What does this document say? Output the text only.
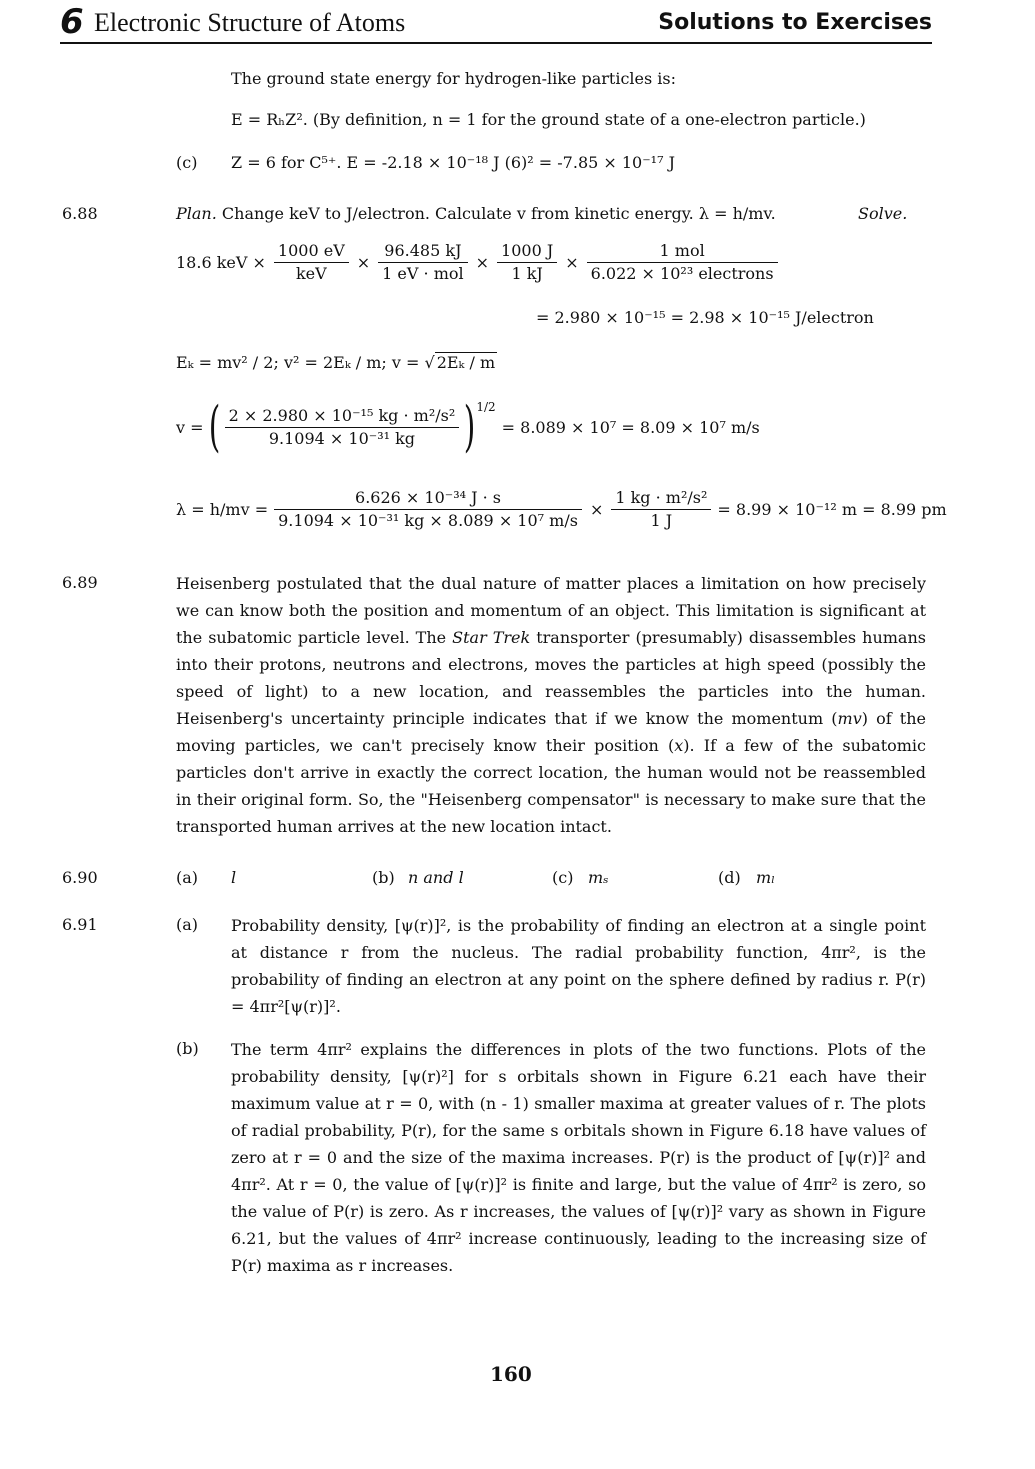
6 Electronic Structure of Atoms	Solutions to Exercises
The ground state energy for hydrogen-like particles is:
E = RₕZ². (By definition, n = 1 for the ground state of a one-electron particle.)
(c) Z = 6 for C⁵⁺. E = -2.18 × 10⁻¹⁸ J (6)² = -7.85 × 10⁻¹⁷ J
6.88	Plan. Change keV to J/electron. Calculate v from kinetic energy. λ = h/mv.	Solve.
18.6 keV × $\frac{1000 eV}{\text{keV}} \times \frac{96.485 kJ}{\text{1 eV · mol}} \times \frac{1000 J}{1 kJ} \times \frac{\text{1 mol}}{\text{6.022 × 10²³ electrons}}$
= 2.980 × 10⁻¹⁵ = 2.98 × 10⁻¹⁵ J/electron
Eₖ = mv² / 2; v² = 2Eₖ / m; v = √ 2Eₖ / m
v = ( $\frac{\text{2 × 2.980 × 10⁻¹⁵ kg · m²/s²}}{\text{9.1094 × 10⁻³¹ kg}}$ ) 1/2
= 8.089 × 10⁷ = 8.09 × 10⁷ m/s
$\lambda = h/mv = \frac{\text{6.626 × 10⁻³⁴ J · s}}{\text{9.1094 × 10⁻³¹ kg × 8.089 × 10⁷ m/s}} \times \frac{\text{1 kg · m²/s²}}{1 J} = 8.99 \times 10^{-12}$ m = 8.99 pm
6.89	Heisenberg postulated that the dual nature of matter places a limitation on how precisely we can know both the position and momentum of an object. This limitation is significant at the subatomic particle level. The Star Trek transporter (presumably) disassembles humans into their protons, neutrons and electrons, moves the particles at high speed (possibly the speed of light) to a new location, and reassembles the particles into the human. Heisenberg's uncertainty principle indicates that if we know the momentum (mv) of the moving particles, we can't precisely know their position (x). If a few of the subatomic particles don't arrive in exactly the correct location, the human would not be reassembled in their original form. So, the "Heisenberg compensator" is necessary to make sure that the transported human arrives at the new location intact.
6.90	(a) l	(b) n and l	(c) mₛ	(d) mₗ
6.91	(a) Probability density, [ψ(r)]², is the probability of finding an electron at a single point at distance r from the nucleus. The radial probability function, 4πr², is the probability of finding an electron at any point on the sphere defined by radius r. P(r) = 4πr²[ψ(r)]².
(b) The term 4πr² explains the differences in plots of the two functions. Plots of the probability density, [ψ(r)²] for s orbitals shown in Figure 6.21 each have their maximum value at r = 0, with (n - 1) smaller maxima at greater values of r. The plots of radial probability, P(r), for the same s orbitals shown in Figure 6.18 have values of zero at r = 0 and the size of the maxima increases. P(r) is the product of [ψ(r)]² and 4πr². At r = 0, the value of [ψ(r)]² is finite and large, but the value of 4πr² is zero, so the value of P(r) is zero. As r increases, the values of [ψ(r)]² vary as shown in Figure 6.21, but the values of 4πr² increase continuously, leading to the increasing size of P(r) maxima as r increases.
160
